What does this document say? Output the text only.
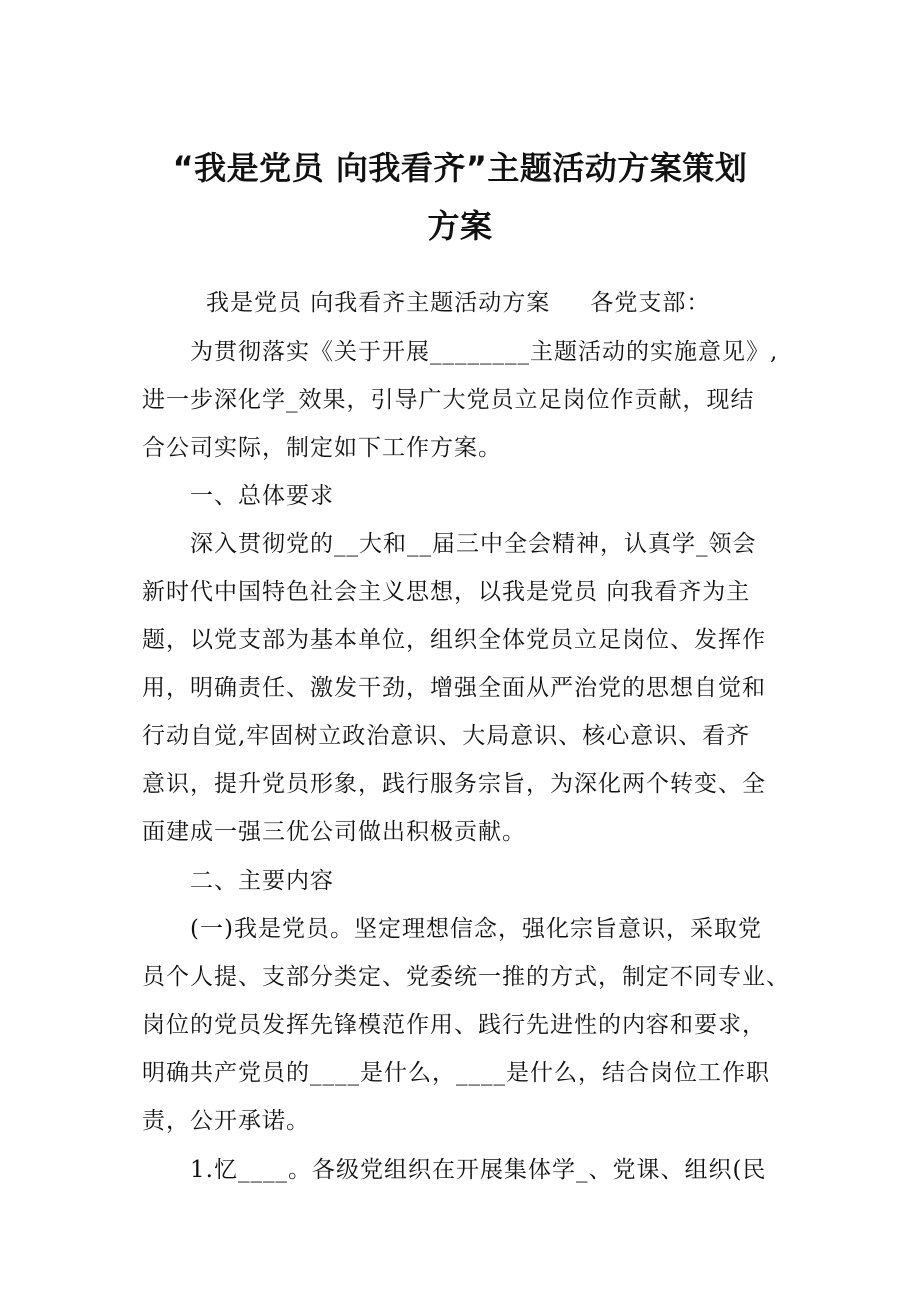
“我是党员 向我看齐”主题活动方案策划
方案
我是党员 向我看齐主题活动方案 各党支部：
为贯彻落实《关于开展________主题活动的实施意见》,
进一步深化学_效果，引导广大党员立足岗位作贡献，现结
合公司实际，制定如下工作方案。
一、总体要求
深入贯彻党的__大和__届三中全会精神，认真学_领会
新时代中国特色社会主义思想，以我是党员 向我看齐为主
题，以党支部为基本单位，组织全体党员立足岗位、发挥作
用，明确责任、激发干劲，增强全面从严治党的思想自觉和
行动自觉,牢固树立政治意识、大局意识、核心意识、看齐
意识，提升党员形象，践行服务宗旨，为深化两个转变、全
面建成一强三优公司做出积极贡献。
二、主要内容
(一)我是党员。坚定理想信念，强化宗旨意识，采取党
员个人提、支部分类定、党委统一推的方式，制定不同专业、
岗位的党员发挥先锋模范作用、践行先进性的内容和要求，
明确共产党员的____是什么，____是什么，结合岗位工作职
责，公开承诺。
1.忆____。各级党组织在开展集体学_、党课、组织(民
